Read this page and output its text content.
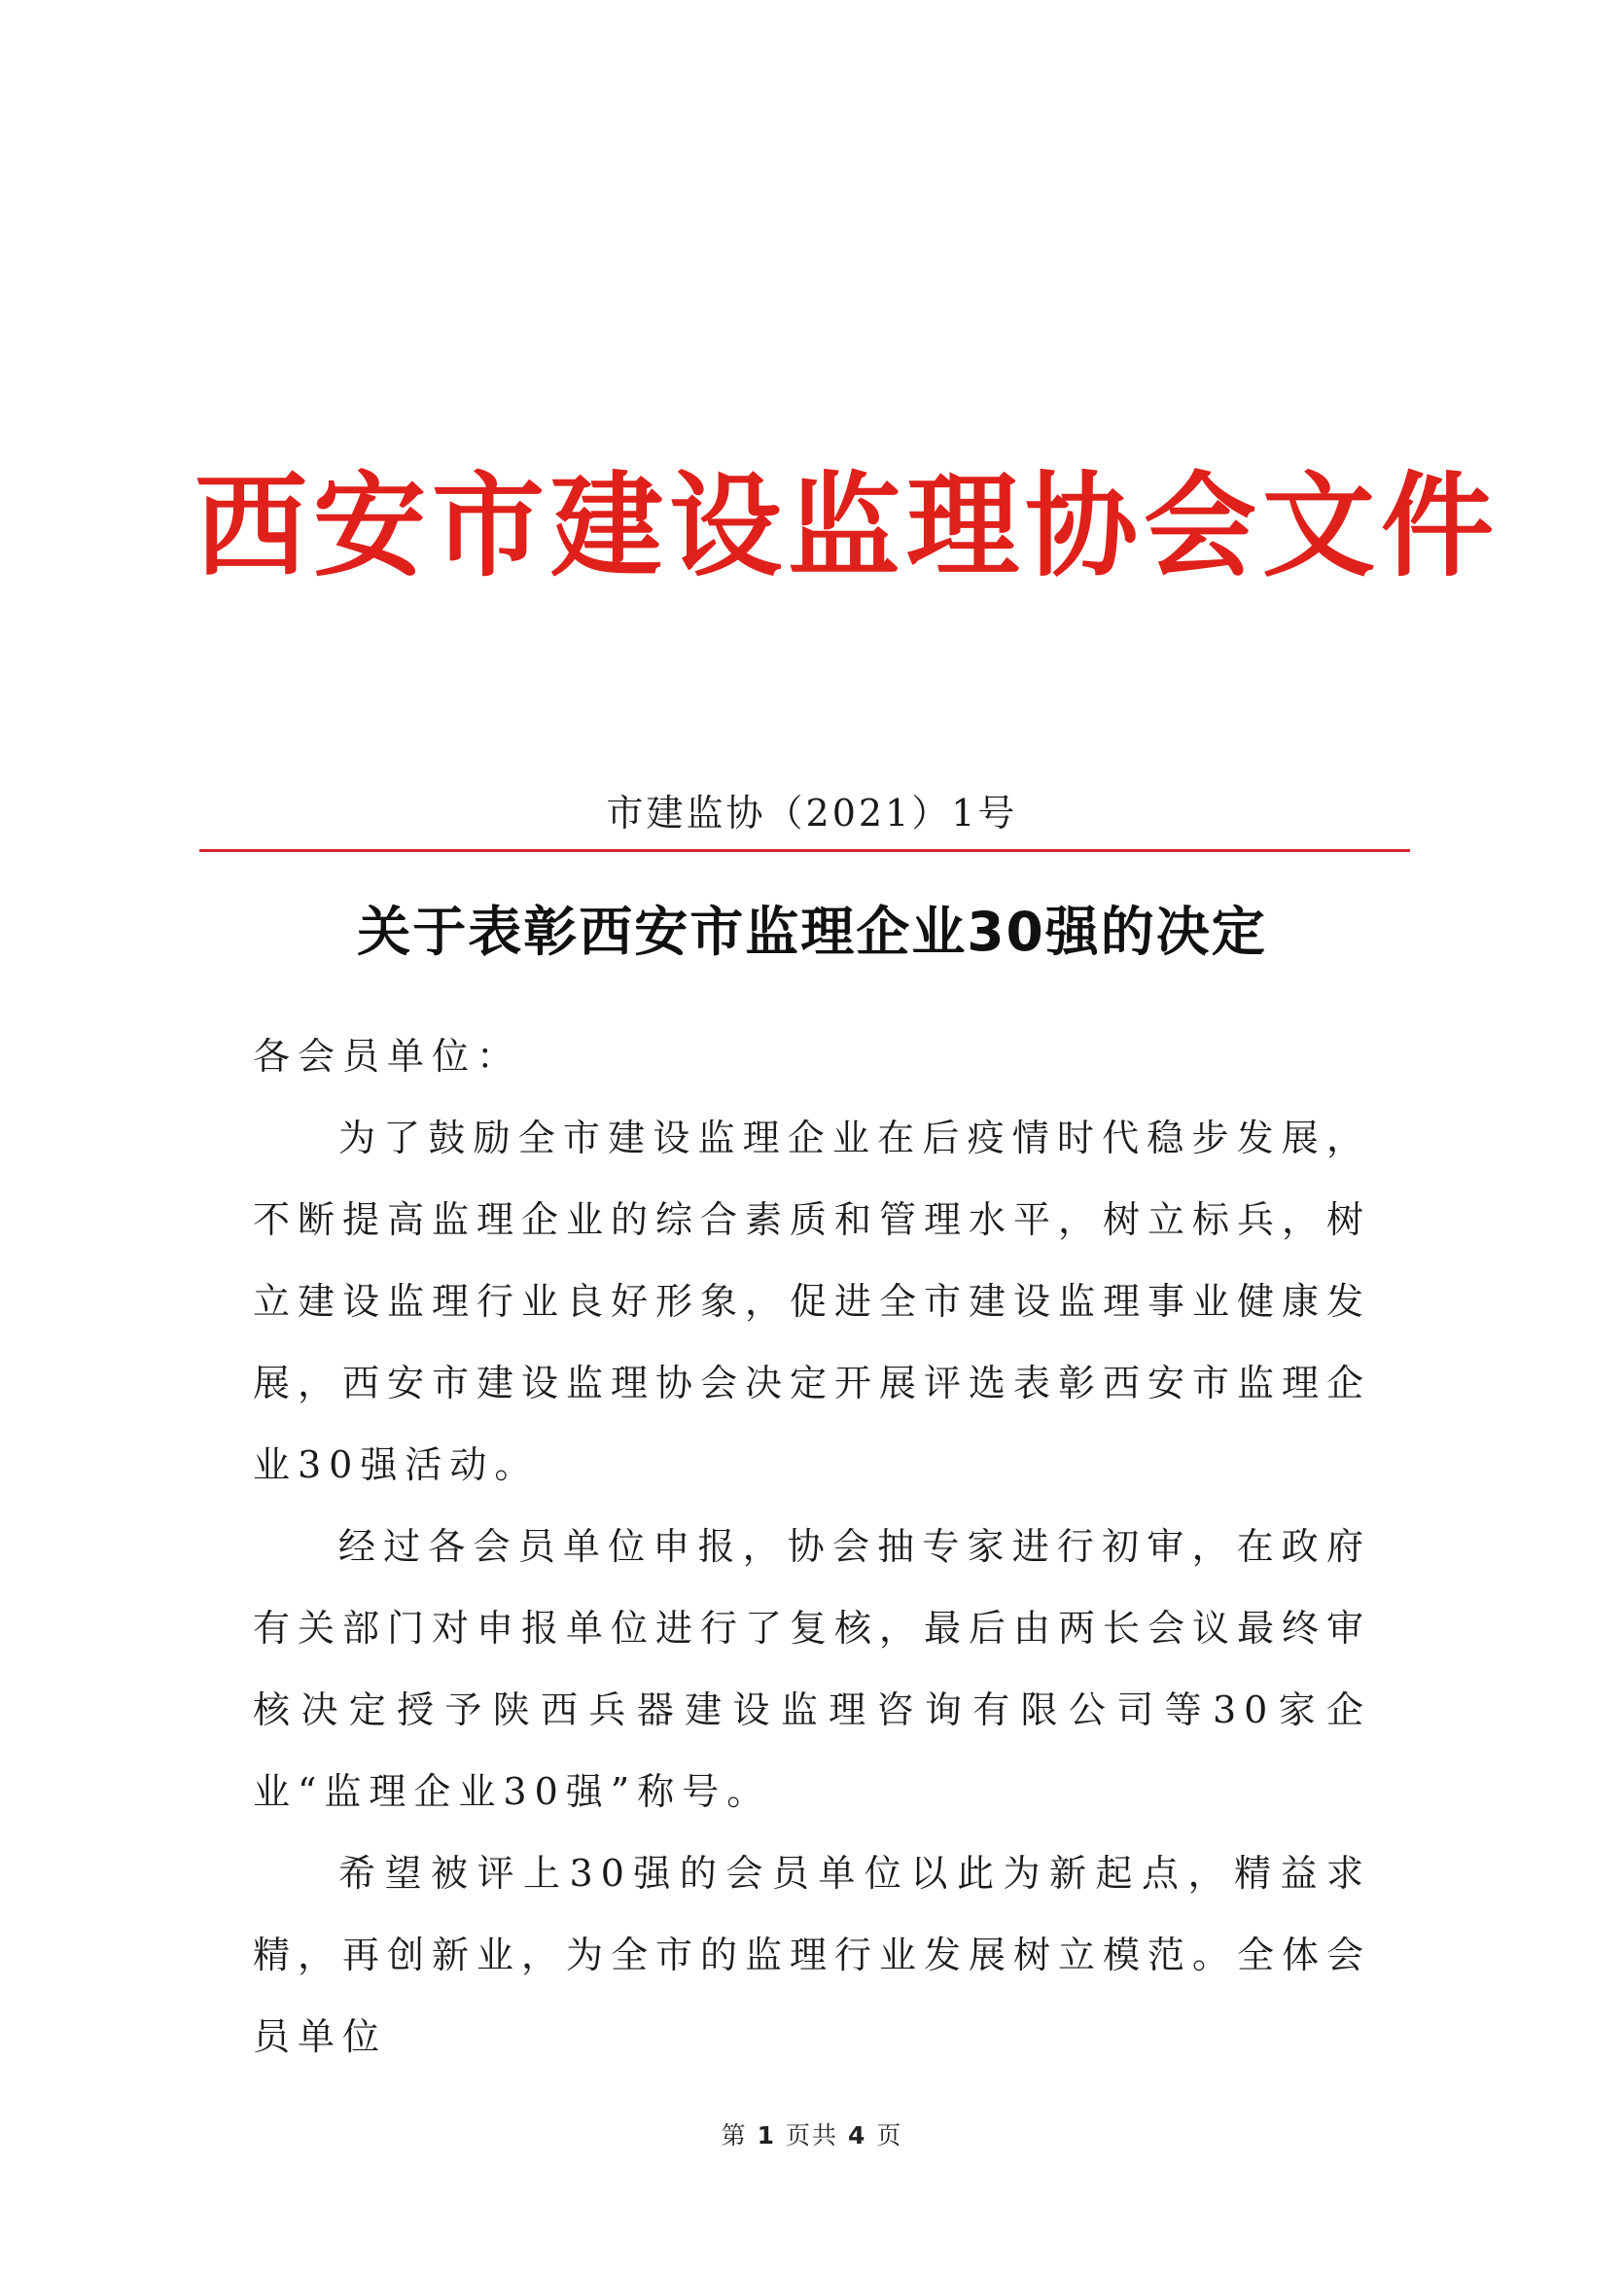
西安市建设监理协会文件
市建监协（2021）1号
关于表彰西安市监理企业30强的决定

各会员单位：

为了鼓励全市建设监理企业在后疫情时代稳步发展，不断提高监理企业的综合素质和管理水平，树立标兵，树立建设监理行业良好形象，促进全市建设监理事业健康发展，西安市建设监理协会决定开展评选表彰西安市监理企业30强活动。

经过各会员单位申报，协会抽专家进行初审，在政府有关部门对申报单位进行了复核，最后由两长会议最终审核决定授予陕西兵器建设监理咨询有限公司等30家企业“监理企业30强”称号。

希望被评上30强的会员单位以此为新起点，精益求精，再创新业，为全市的监理行业发展树立模范。全体会员单位

第 1 页共 4 页
